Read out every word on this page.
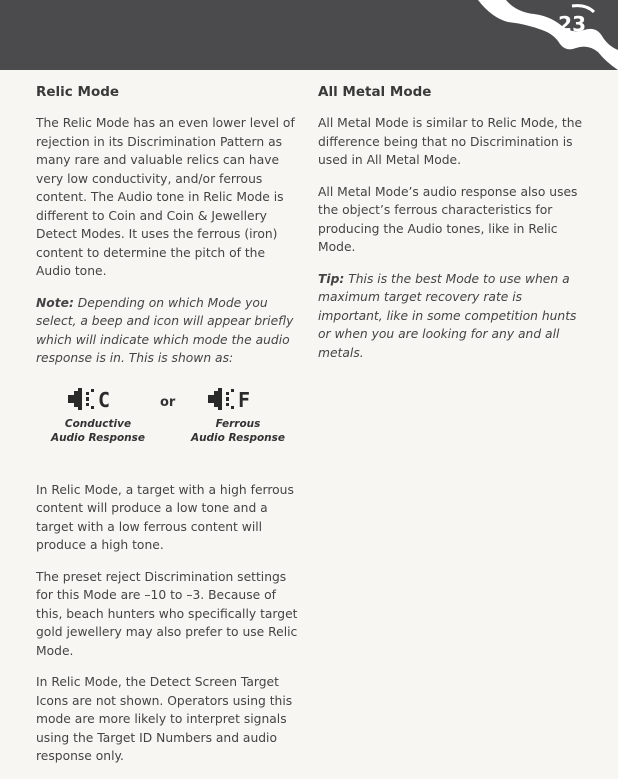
23
Relic Mode

The Relic Mode has an even lower level of rejection in its Discrimination Pattern as many rare and valuable relics can have very low conductivity, and/or ferrous content. The Audio tone in Relic Mode is different to Coin and Coin & Jewellery Detect Modes. It uses the ferrous (iron) content to determine the pitch of the Audio tone.

Note: Depending on which Mode you select, a beep and icon will appear briefly which will indicate which mode the audio response is in. This is shown as:

C
Conductive
Audio Response
or	F
Ferrous
Audio Response

In Relic Mode, a target with a high ferrous content will produce a low tone and a target with a low ferrous content will produce a high tone.

The preset reject Discrimination settings for this Mode are –10 to –3. Because of this, beach hunters who specifically target gold jewellery may also prefer to use Relic Mode.

In Relic Mode, the Detect Screen Target Icons are not shown. Operators using this mode are more likely to interpret signals using the Target ID Numbers and audio response only.

All Metal Mode

All Metal Mode is similar to Relic Mode, the difference being that no Discrimination is used in All Metal Mode.

All Metal Mode’s audio response also uses the object’s ferrous characteristics for producing the Audio tones, like in Relic Mode.

Tip: This is the best Mode to use when a maximum target recovery rate is important, like in some competition hunts or when you are looking for any and all metals.
